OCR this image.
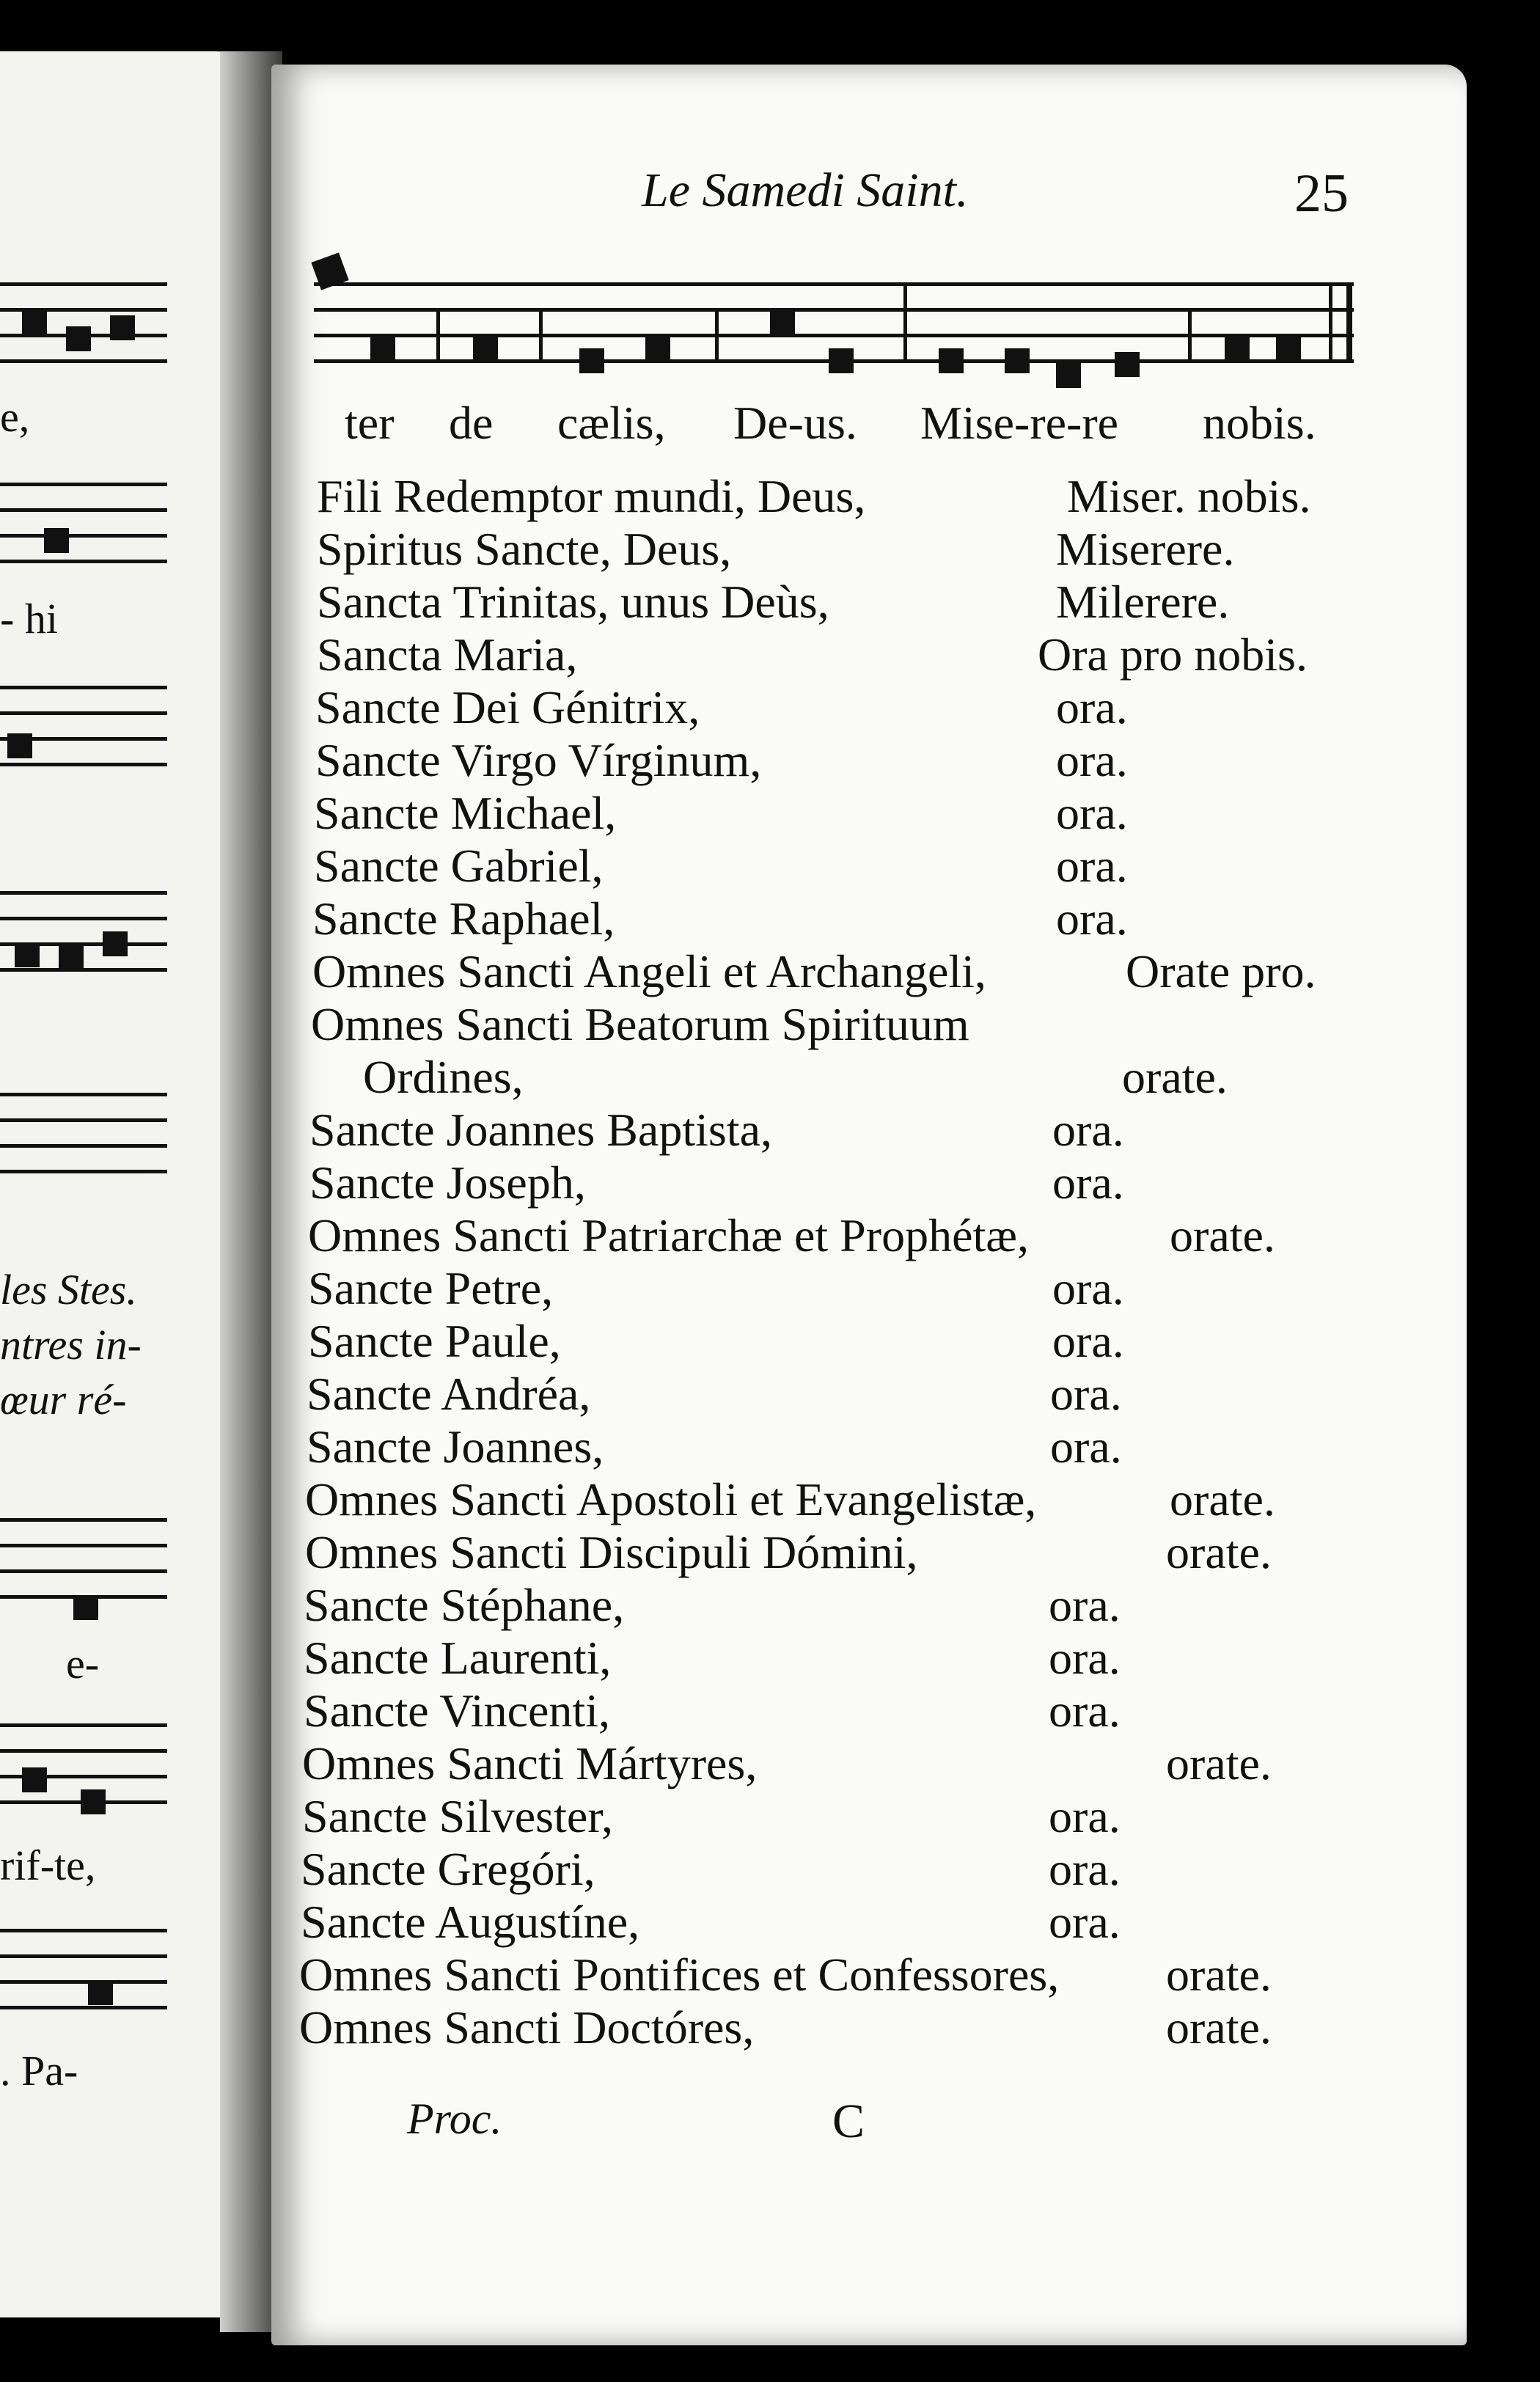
e,
- hi
les Stes.
ntres in-
œur ré-
e-
rif-te,
. Pa-
Le Samedi Saint.	25
ter de cælis, De-us. Mise-re-re nobis.
Fili Redemptor mundi, Deus,	Miser. nobis.
Spiritus Sancte, Deus,	Miserere.
Sancta Trinitas, unus Deùs,	Milerere.
Sancta Maria,	Ora pro nobis.
Sancte Dei Génitrix,	ora.
Sancte Virgo Vírginum,	ora.
Sancte Michael,	ora.
Sancte Gabriel,	ora.
Sancte Raphael,	ora.
Omnes Sancti Angeli et Archangeli,	Orate pro.
Omnes Sancti Beatorum Spirituum
Ordines,	orate.
Sancte Joannes Baptista,	ora.
Sancte Joseph,	ora.
Omnes Sancti Patriarchæ et Prophétæ,	orate.
Sancte Petre,	ora.
Sancte Paule,	ora.
Sancte Andréa,	ora.
Sancte Joannes,	ora.
Omnes Sancti Apostoli et Evangelistæ,	orate.
Omnes Sancti Discipuli Dómini,	orate.
Sancte Stéphane,	ora.
Sancte Laurenti,	ora.
Sancte Vincenti,	ora.
Omnes Sancti Mártyres,	orate.
Sancte Silvester,	ora.
Sancte Gregóri,	ora.
Sancte Augustíne,	ora.
Omnes Sancti Pontifices et Confessores, orate.
Omnes Sancti Doctóres,	orate.
Proc.	C
